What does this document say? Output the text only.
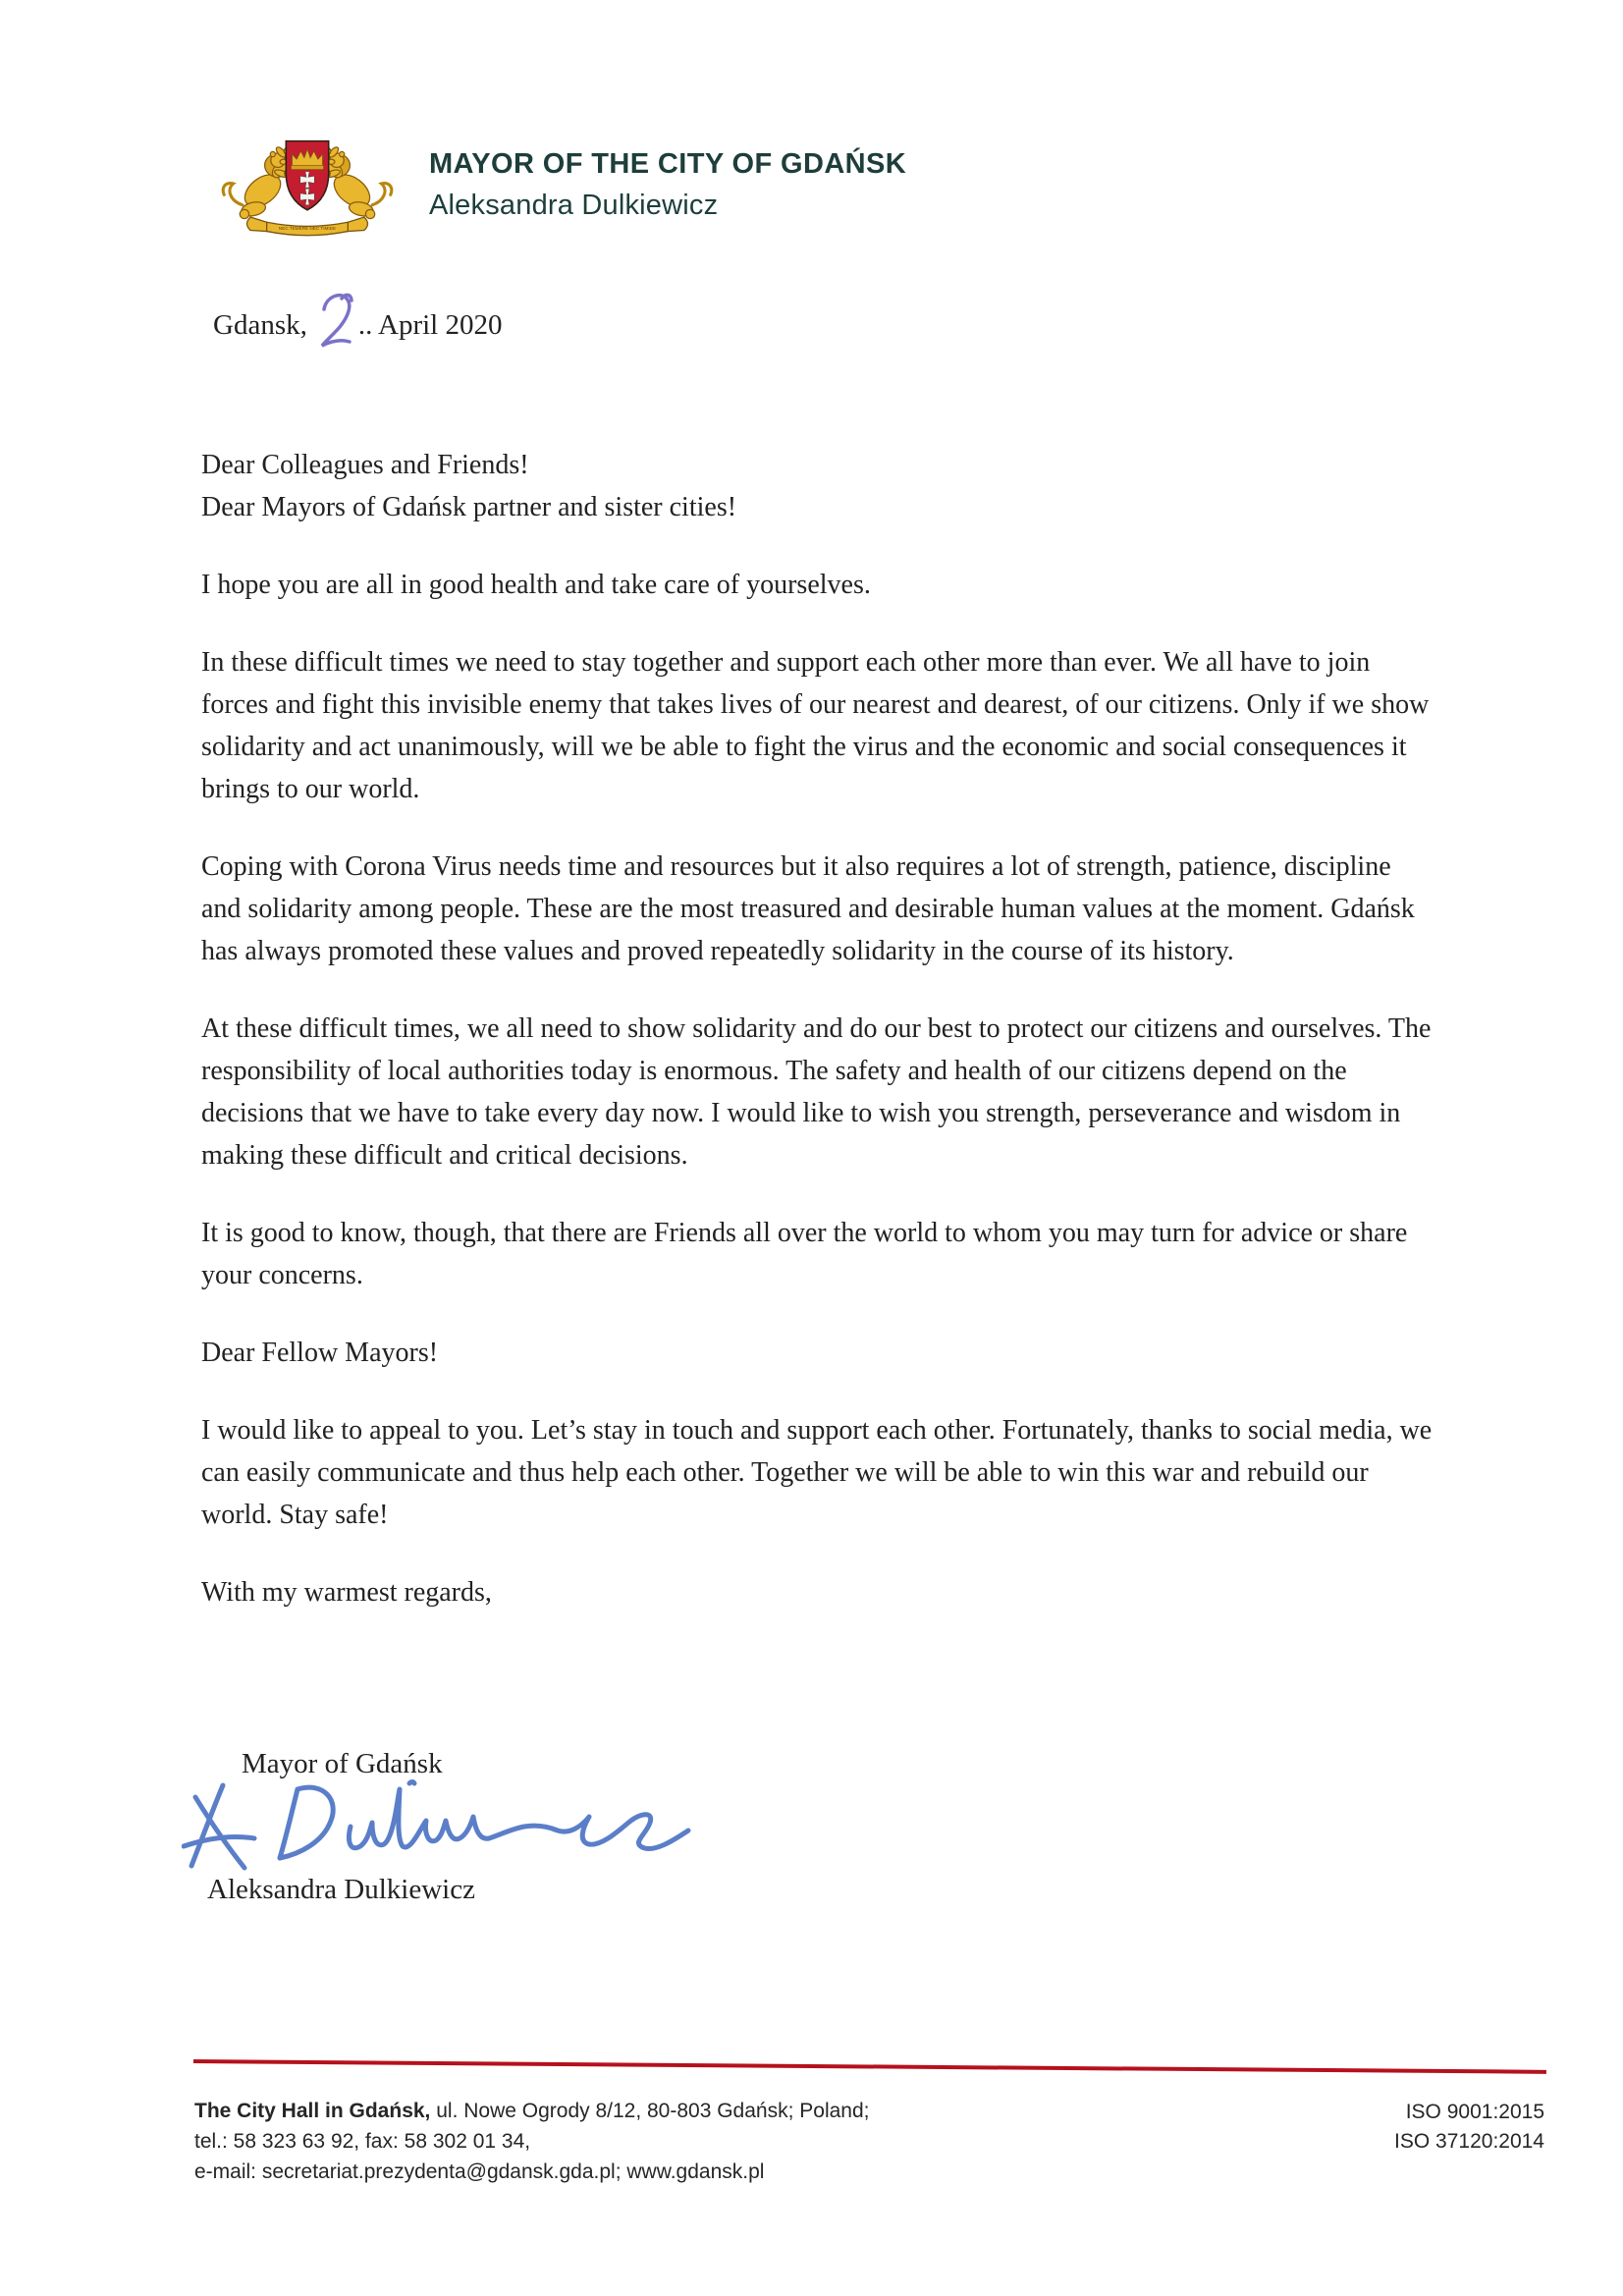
NEC TEMERE NEC TIMIDE
MAYOR OF THE CITY OF GDAŃSK
Aleksandra Dulkiewicz
Gdansk, .. April 2020
Dear Colleagues and Friends!
Dear Mayors of Gdańsk partner and sister cities!

I hope you are all in good health and take care of yourselves.

In these difficult times we need to stay together and support each other more than ever. We all have to join forces and fight this invisible enemy that takes lives of our nearest and dearest, of our citizens. Only if we show solidarity and act unanimously, will we be able to fight the virus and the economic and social consequences it brings to our world.

Coping with Corona Virus needs time and resources but it also requires a lot of strength, patience, discipline and solidarity among people. These are the most treasured and desirable human values at the moment. Gdańsk has always promoted these values and proved repeatedly solidarity in the course of its history.

At these difficult times, we all need to show solidarity and do our best to protect our citizens and ourselves. The responsibility of local authorities today is enormous. The safety and health of our citizens depend on the decisions that we have to take every day now. I would like to wish you strength, perseverance and wisdom in making these difficult and critical decisions.

It is good to know, though, that there are Friends all over the world to whom you may turn for advice or share your concerns.

Dear Fellow Mayors!

I would like to appeal to you. Let’s stay in touch and support each other. Fortunately, thanks to social media, we can easily communicate and thus help each other. Together we will be able to win this war and rebuild our world. Stay safe!

With my warmest regards,

Mayor of Gdańsk
Aleksandra Dulkiewicz
The City Hall in Gdańsk, ul. Nowe Ogrody 8/12, 80-803 Gdańsk; Poland;
tel.: 58 323 63 92, fax: 58 302 01 34,
e-mail: secretariat.prezydenta@gdansk.gda.pl; www.gdansk.pl
ISO 9001:2015
ISO 37120:2014
